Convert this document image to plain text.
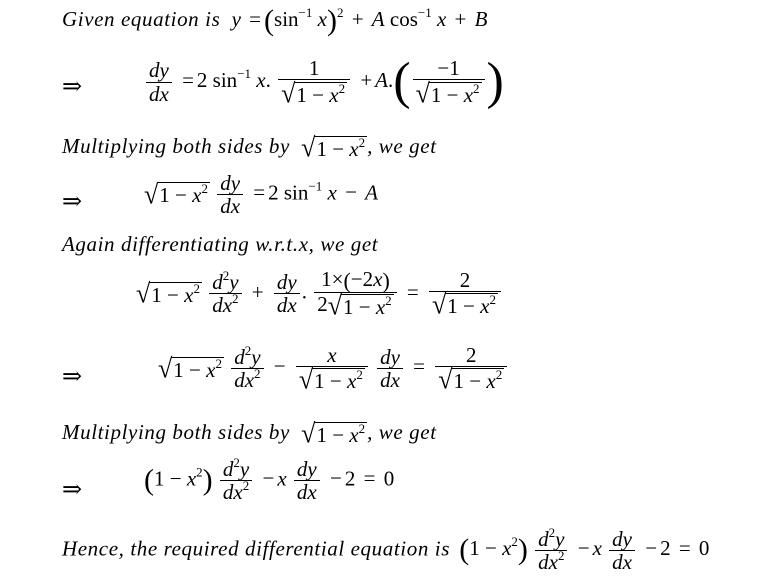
Given equation is $y = (\sin^{-1}$ x)$^2$ + A $\cos^{-1} x + B$
⇒	$\frac{dy}{dx} = 2$ $\sin^{-1} x$. $\frac{1}{√ 1 - x^2} + A.( \frac{-1}{√ 1 - x^2}$ )
Multiplying both sides by √ $1 - x^2$ , we get
⇒ √ $1 - x^2$
$\frac{dy}{dx} = 2$ $\sin^{-1} x - A$
Again differentiating w.r.t.x, we get
√ $1 - x^2$
$\frac{d^2y}{dx^2} + \frac{dy}{dx}$ . $\frac{1\times(-2x)}{2 √ 1 - x^2} = \frac{2}{√ 1 - x^2}$
⇒	√ $1 - x^2$
$\frac{d^2y}{dx^2} - \frac{x}{√ 1 - x^2}$
$\frac{dy}{dx} = \frac{2}{√ 1 - x^2}$
Multiplying both sides by √ $1 - x^2$ , we get
⇒ $(1 - x^2) \frac{d^2y}{dx^2} - x \frac{dy}{dx} - 2 = 0$
Hence, the required differential equation is $(1 - x^2) \frac{d^2y}{dx^2} - x \frac{dy}{dx} - 2 = 0$
